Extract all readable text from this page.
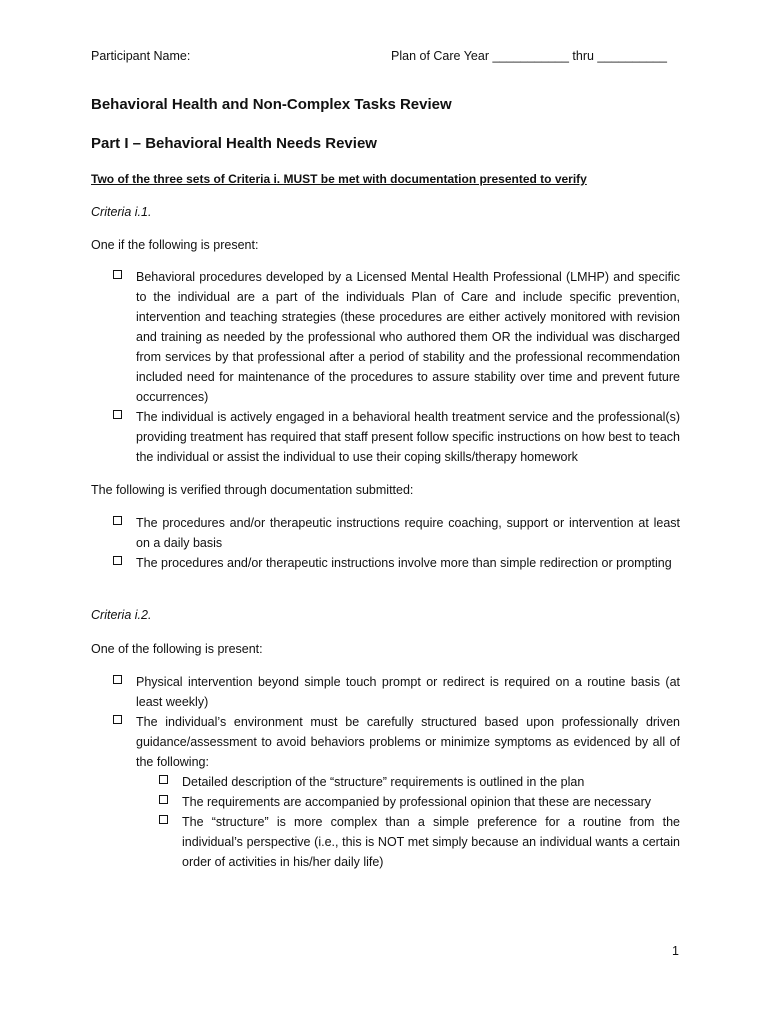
Participant Name:	Plan of Care Year ___________ thru __________
Behavioral Health and Non-Complex Tasks Review
Part I – Behavioral Health Needs Review
Two of the three sets of Criteria i. MUST be met with documentation presented to verify
Criteria i.1.
One if the following is present:
Behavioral procedures developed by a Licensed Mental Health Professional (LMHP) and specific to the individual are a part of the individuals Plan of Care and include specific prevention, intervention and teaching strategies (these procedures are either actively monitored with revision and training as needed by the professional who authored them OR the individual was discharged from services by that professional after a period of stability and the professional recommendation included need for maintenance of the procedures to assure stability over time and prevent future occurrences)
The individual is actively engaged in a behavioral health treatment service and the professional(s) providing treatment has required that staff present follow specific instructions on how best to teach the individual or assist the individual to use their coping skills/therapy homework
The following is verified through documentation submitted:
The procedures and/or therapeutic instructions require coaching, support or intervention at least on a daily basis
The procedures and/or therapeutic instructions involve more than simple redirection or prompting
Criteria i.2.
One of the following is present:
Physical intervention beyond simple touch prompt or redirect is required on a routine basis (at least weekly)
The individual’s environment must be carefully structured based upon professionally driven guidance/assessment to avoid behaviors problems or minimize symptoms as evidenced by all of the following:
Detailed description of the “structure” requirements is outlined in the plan
The requirements are accompanied by professional opinion that these are necessary
The “structure” is more complex than a simple preference for a routine from the individual’s perspective (i.e., this is NOT met simply because an individual wants a certain order of activities in his/her daily life)
1
